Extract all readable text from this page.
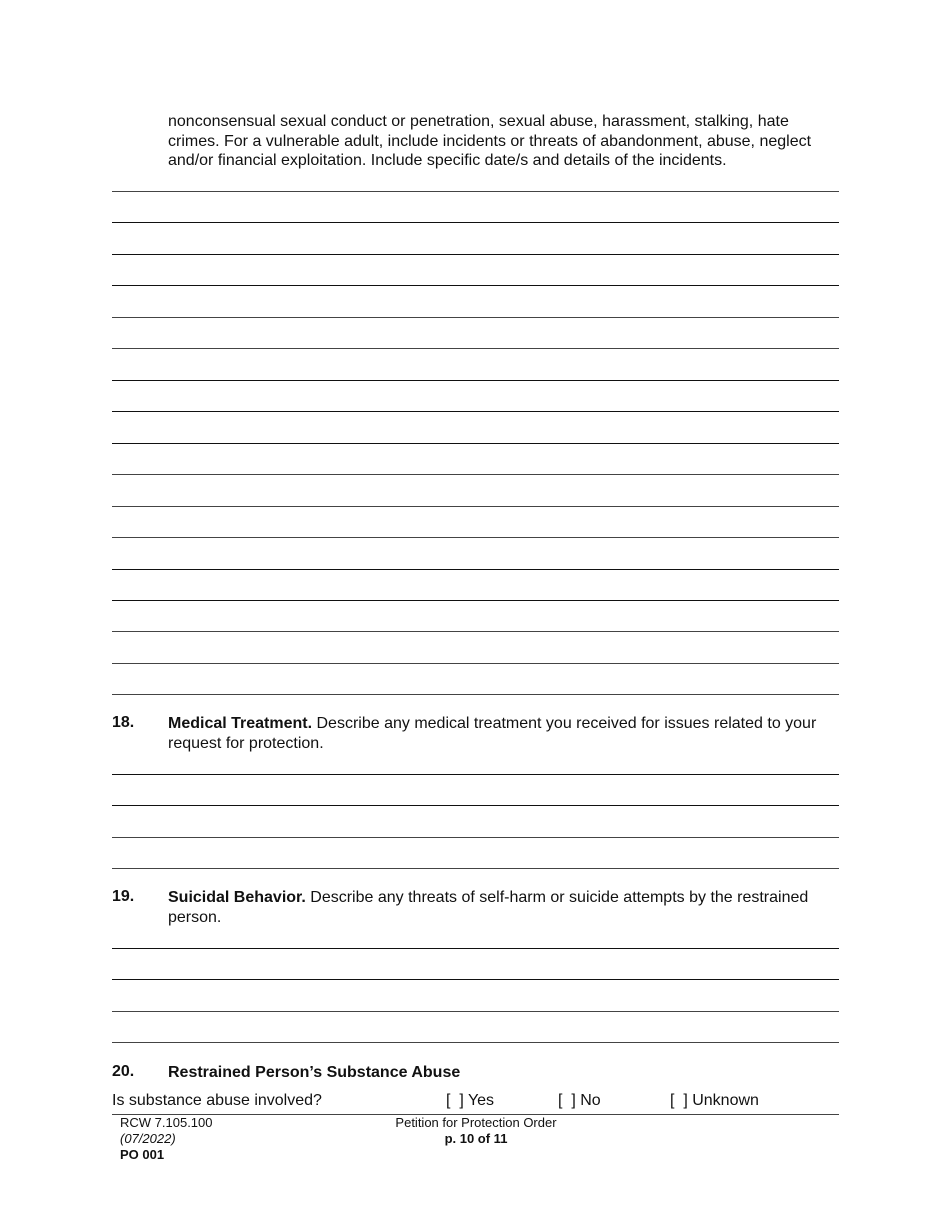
nonconsensual sexual conduct or penetration, sexual abuse, harassment, stalking, hate crimes. For a vulnerable adult, include incidents or threats of abandonment, abuse, neglect and/or financial exploitation. Include specific date/s and details of the incidents.
18. Medical Treatment. Describe any medical treatment you received for issues related to your request for protection.
19. Suicidal Behavior. Describe any threats of self-harm or suicide attempts by the restrained person.
20. Restrained Person’s Substance Abuse
Is substance abuse involved?	[  ] Yes	[  ] No	[  ] Unknown
RCW 7.105.100
(07/2022)
PO 001
Petition for Protection Order
p. 10 of 11
